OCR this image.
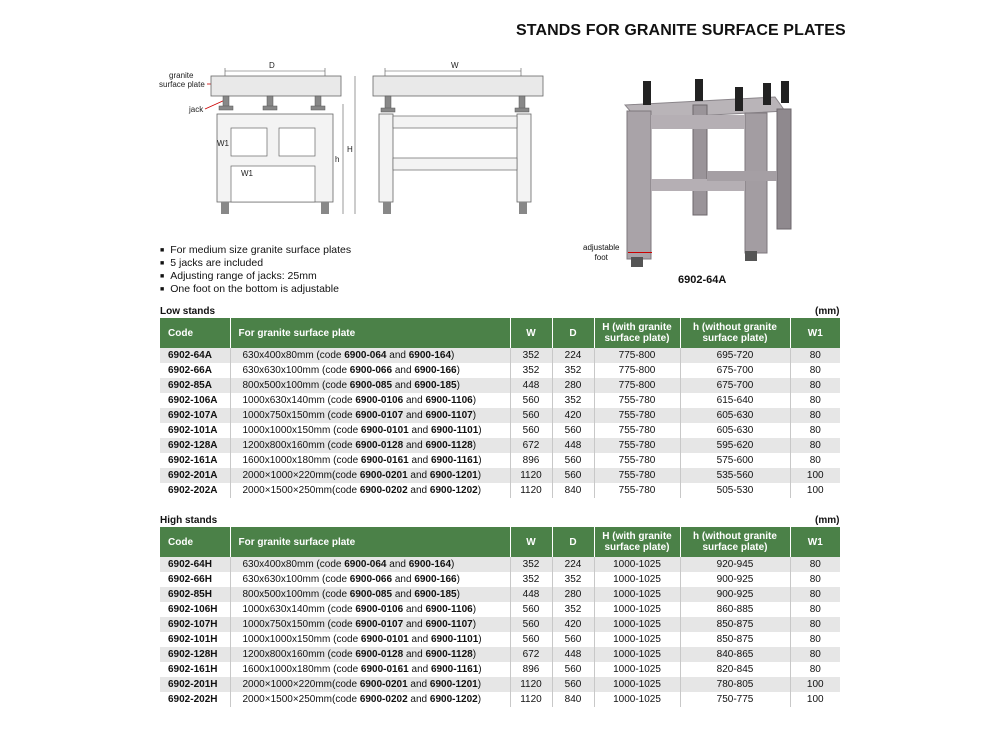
STANDS FOR GRANITE SURFACE PLATES
granite
surface plate
jack
D
W1
W1
h
H
W
adjustable
foot
6902-64A
■ For medium size granite surface plates
■ 5 jacks are included
■ Adjusting range of jacks: 25mm
■ One foot on the bottom is adjustable
Low stands	(mm)
Code	For granite surface plate	W	D	H (with granite surface plate)	h (without granite surface plate)	W1
6902-64A	630x400x80mm (code 6900-064 and 6900-164)	352	224	775-800	695-720	80
6902-66A	630x630x100mm (code 6900-066 and 6900-166)	352	352	775-800	675-700	80
6902-85A	800x500x100mm (code 6900-085 and 6900-185)	448	280	775-800	675-700	80
6902-106A	1000x630x140mm (code 6900-0106 and 6900-1106)	560	352	755-780	615-640	80
6902-107A	1000x750x150mm (code 6900-0107 and 6900-1107)	560	420	755-780	605-630	80
6902-101A	1000x1000x150mm (code 6900-0101 and 6900-1101)	560	560	755-780	605-630	80
6902-128A	1200x800x160mm (code 6900-0128 and 6900-1128)	672	448	755-780	595-620	80
6902-161A	1600x1000x180mm (code 6900-0161 and 6900-1161)	896	560	755-780	575-600	80
6902-201A	2000×1000×220mm(code 6900-0201 and 6900-1201)	1120	560	755-780	535-560	100
6902-202A	2000×1500×250mm(code 6900-0202 and 6900-1202)	1120	840	755-780	505-530	100
High stands	(mm)
Code	For granite surface plate	W	D	H (with granite surface plate)	h (without granite surface plate)	W1
6902-64H	630x400x80mm (code 6900-064 and 6900-164)	352	224	1000-1025	920-945	80
6902-66H	630x630x100mm (code 6900-066 and 6900-166)	352	352	1000-1025	900-925	80
6902-85H	800x500x100mm (code 6900-085 and 6900-185)	448	280	1000-1025	900-925	80
6902-106H	1000x630x140mm (code 6900-0106 and 6900-1106)	560	352	1000-1025	860-885	80
6902-107H	1000x750x150mm (code 6900-0107 and 6900-1107)	560	420	1000-1025	850-875	80
6902-101H	1000x1000x150mm (code 6900-0101 and 6900-1101)	560	560	1000-1025	850-875	80
6902-128H	1200x800x160mm (code 6900-0128 and 6900-1128)	672	448	1000-1025	840-865	80
6902-161H	1600x1000x180mm (code 6900-0161 and 6900-1161)	896	560	1000-1025	820-845	80
6902-201H	2000×1000×220mm(code 6900-0201 and 6900-1201)	1120	560	1000-1025	780-805	100
6902-202H	2000×1500×250mm(code 6900-0202 and 6900-1202)	1120	840	1000-1025	750-775	100
